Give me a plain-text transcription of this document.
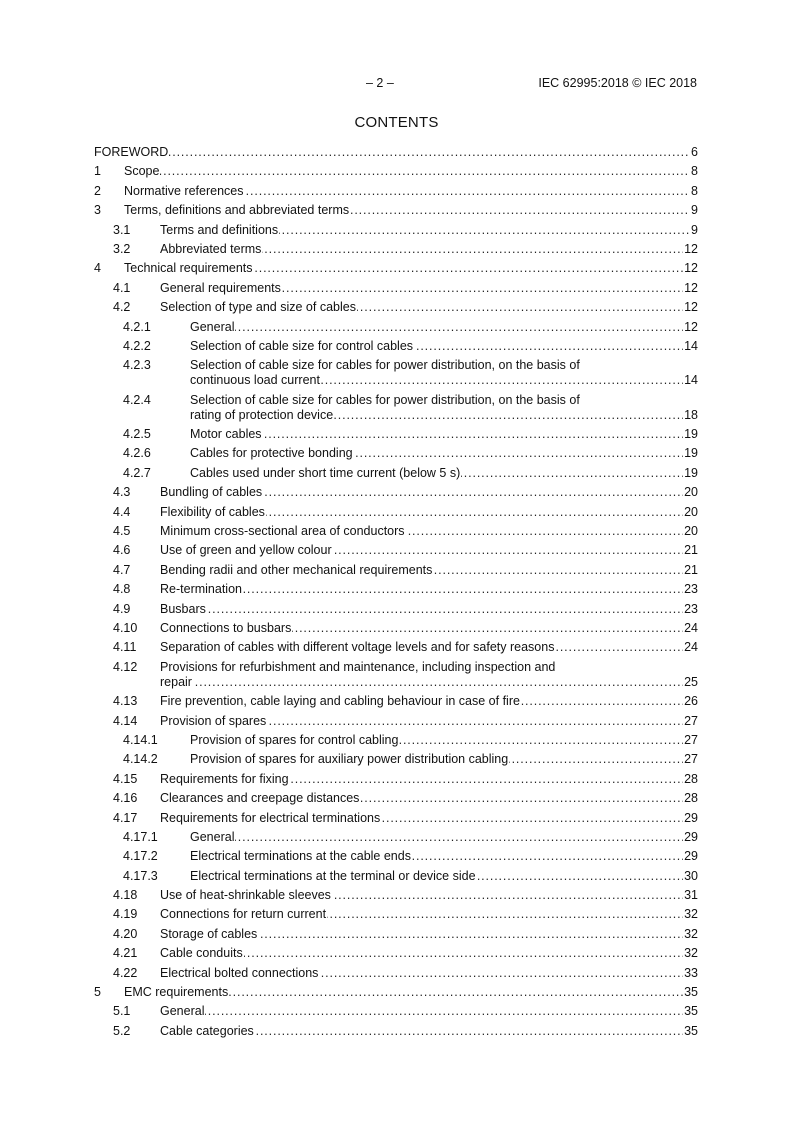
– 2 –	IEC 62995:2018 © IEC 2018
CONTENTS
FOREWORD . . .	6
1 Scope . . .	8
2 Normative references . . .	8
3 Terms, definitions and abbreviated terms . . .	9
3.1 Terms and definitions . . .	9
3.2 Abbreviated terms . . .	12
4 Technical requirements . . .	12
4.1 General requirements . . .	12
4.2 Selection of type and size of cables . . .	12
4.2.1	General . . .	12
4.2.2	Selection of cable size for control cables . . .	14
4.2.3	Selection of cable size for cables for power distribution, on the basis of
continuous load current . . .	14
4.2.4	Selection of cable size for cables for power distribution, on the basis of
rating of protection device . . .	18
4.2.5	Motor cables . . .	19
4.2.6	Cables for protective bonding . . .	19
4.2.7	Cables used under short time current (below 5 s) . . .	19
4.3 Bundling of cables . . .	20
4.4 Flexibility of cables . . .	20
4.5 Minimum cross-sectional area of conductors . . .	20
4.6 Use of green and yellow colour . . .	21
4.7 Bending radii and other mechanical requirements . . .	21
4.8 Re-termination . . .	23
4.9 Busbars . . .	23
4.10 Connections to busbars . . .	24
4.11 Separation of cables with different voltage levels and for safety reasons . . .	24
4.12 Provisions for refurbishment and maintenance, including inspection and
repair . . .	25
4.13 Fire prevention, cable laying and cabling behaviour in case of fire . . .	26
4.14 Provision of spares . . .	27
4.14.1	Provision of spares for control cabling . . .	27
4.14.2	Provision of spares for auxiliary power distribution cabling . . .	27
4.15 Requirements for fixing . . .	28
4.16 Clearances and creepage distances . . .	28
4.17 Requirements for electrical terminations . . .	29
4.17.1	General . . .	29
4.17.2	Electrical terminations at the cable ends . . .	29
4.17.3	Electrical terminations at the terminal or device side . . .	30
4.18 Use of heat-shrinkable sleeves . . .	31
4.19 Connections for return current . . .	32
4.20 Storage of cables . . .	32
4.21 Cable conduits . . .	32
4.22 Electrical bolted connections . . .	33
5 EMC requirements . . .	35
5.1 General . . .	35
5.2 Cable categories . . .	35
